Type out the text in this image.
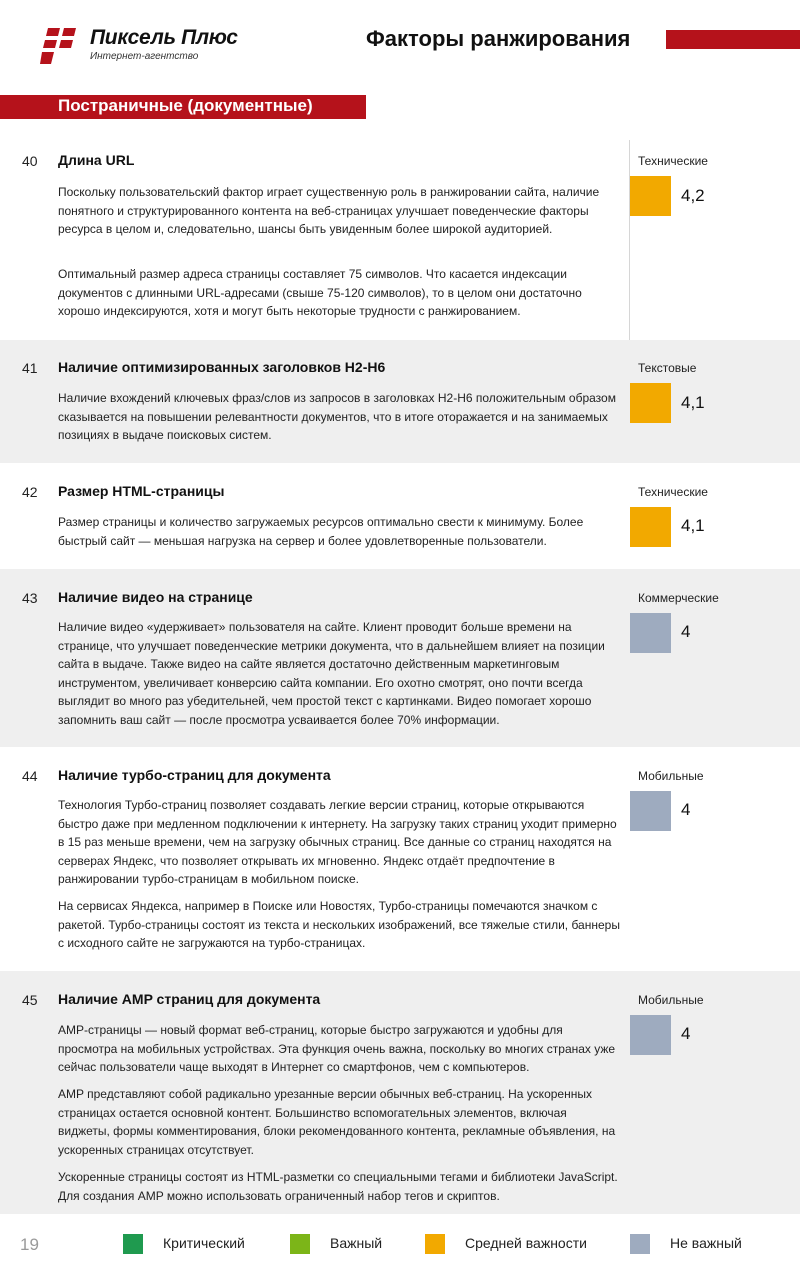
Пиксель Плюс
Интернет-агентство
Факторы ранжирования
Постраничные (документные)
40 Длина URL
Поскольку пользовательский фактор играет существенную роль в ранжировании сайта, наличие понятного и структурированного контента на веб-страницах улучшает поведенческие факторы ресурса в целом и, следовательно, шансы быть увиденным более широкой аудиторией.
Оптимальный размер адреса страницы составляет 75 символов. Что касается индексации документов с длинными URL-адресами (свыше 75-120 символов), то в целом они достаточно хорошо индексируются, хотя и могут быть некоторые трудности с ранжированием.
Технические
4,2
41 Наличие оптимизированных заголовков H2-H6
Наличие вхождений ключевых фраз/слов из запросов в заголовках H2-H6 положительным образом сказывается на повышении релевантности документов, что в итоге оторажается и на занимаемых позициях в выдаче поисковых систем.
Текстовые
4,1
42 Размер HTML-страницы
Размер страницы и количество загружаемых ресурсов оптимально свести к минимуму. Более быстрый сайт — меньшая нагрузка на сервер и более удовлетворенные пользователи.
Технические
4,1
43 Наличие видео на странице
Наличие видео «удерживает» пользователя на сайте. Клиент проводит больше времени на странице, что улучшает поведенческие метрики документа, что в дальнейшем влияет на позиции сайта в выдаче. Также видео на сайте является достаточно действенным маркетинговым инструментом, увеличивает конверсию сайта компании. Его охотно смотрят, оно почти всегда выглядит во много раз убедительней, чем простой текст с картинками. Видео помогает хорошо запомнить ваш сайт — после просмотра усваивается более 70% информации.
Коммерческие
4
44 Наличие турбо-страниц для документа
Технология Турбо-страниц позволяет создавать легкие версии страниц, которые открываются быстро даже при медленном подключении к интернету. На загрузку таких страниц уходит примерно в 15 раз меньше времени, чем на загрузку обычных страниц. Все данные со страниц находятся на серверах Яндекс, что позволяет открывать их мгновенно. Яндекс отдаёт предпочтение в ранжировании турбо-страницам в мобильном поиске.
На сервисах Яндекса, например в Поиске или Новостях, Турбо-страницы помечаются значком с ракетой. Турбо-страницы состоят из текста и нескольких изображений, все тяжелые стили, баннеры с исходного сайте не загружаются на турбо-страницах.
Мобильные
4
45 Наличие AMP страниц для документа
AMP-страницы — новый формат веб-страниц, которые быстро загружаются и удобны для просмотра на мобильных устройствах. Эта функция очень важна, поскольку во многих странах уже сейчас пользователи чаще выходят в Интернет со смартфонов, чем с компьютеров.
AMP представляют собой радикально урезанные версии обычных веб-страниц. На ускоренных страницах остается основной контент. Большинство вспомогательных элементов, включая виджеты, формы комментирования, блоки рекомендованного контента, рекламные объявления, на ускоренных страницах отсутствует.
Ускоренные страницы состоят из HTML-разметки со специальными тегами и библиотеки JavaScript. Для создания AMP можно использовать ограниченный набор тегов и скриптов.
Мобильные
4
19	Критический	Важный	Средней важности	Не важный
